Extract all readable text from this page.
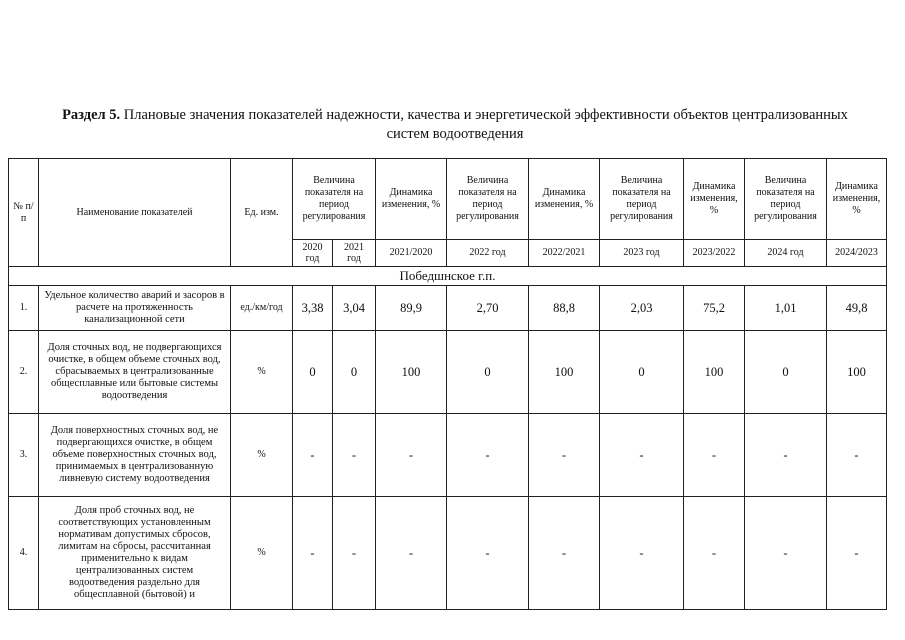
Раздел 5. Плановые значения показателей надежности, качества и энергетической эффективности объектов централизованных систем водоотведения
№ п/п	Наименование показателей	Ед. изм.	Величина показателя на период регулирования		Динамика изменения, %	Величина показателя на период регулирования	Динамика изменения, %	Величина показателя на период регулирования	Динамика изменения, %	Величина показателя на период регулирования	Динамика изменения, %
			2020 год	2021 год	2021/2020	2022 год	2022/2021	2023 год	2023/2022	2024 год	2024/2023
Победшнское г.п.											
1.	Удельное количество аварий и засоров в расчете на протяженность канализационной сети	ед./км/год	3,38	3,04	89,9	2,70	88,8	2,03	75,2	1,01	49,8
2.	Доля сточных вод, не подвергающихся очистке, в общем объеме сточных вод, сбрасываемых в централизованные общесплавные или бытовые системы водоотведения	%	0	0	100	0	100	0	100	0	100
3.	Доля поверхностных сточных вод, не подвергающихся очистке, в общем объеме поверхностных сточных вод, принимаемых в централизованную ливневую систему водоотведения	%	-	-	-	-	-	-	-	-	-
4.	Доля проб сточных вод, не соответствующих установленным нормативам допустимых сбросов, лимитам на сбросы, рассчитанная применительно к видам централизованных систем водоотведения раздельно для общесплавной (бытовой) и	%	-	-	-	-	-	-	-	-	-
